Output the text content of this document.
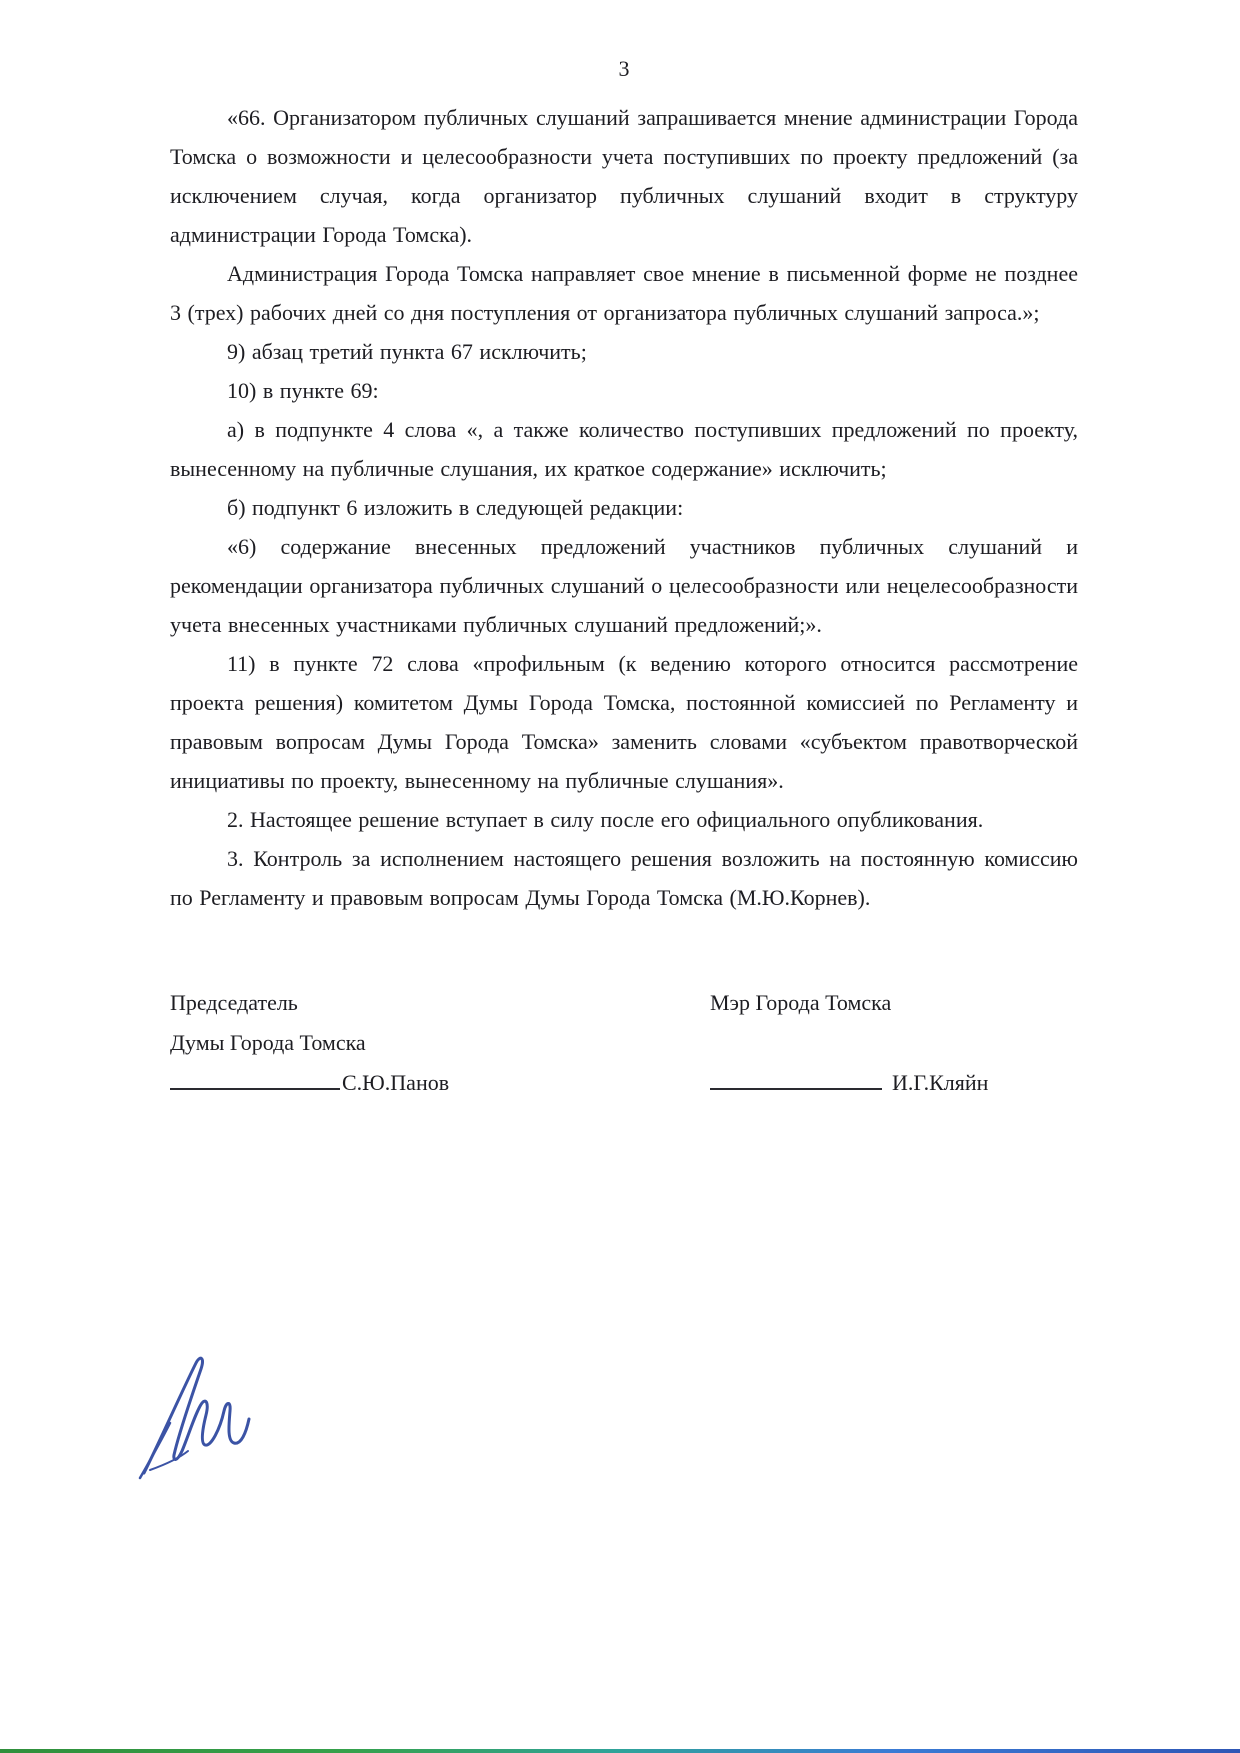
3

«66. Организатором публичных слушаний запрашивается мнение администрации Города Томска о возможности и целесообразности учета поступивших по проекту предложений (за исключением случая, когда организатор публичных слушаний входит в структуру администрации Города Томска).

Администрация Города Томска направляет свое мнение в письменной форме не позднее 3 (трех) рабочих дней со дня поступления от организатора публичных слушаний запроса.»;

9) абзац третий пункта 67 исключить;

10) в пункте 69:

а) в подпункте 4 слова «, а также количество поступивших предложений по проекту, вынесенному на публичные слушания, их краткое содержание» исключить;

б) подпункт 6 изложить в следующей редакции:

«6) содержание внесенных предложений участников публичных слушаний и рекомендации организатора публичных слушаний о целесообразности или нецелесообразности учета внесенных участниками публичных слушаний предложений;».

11) в пункте 72 слова «профильным (к ведению которого относится рассмотрение проекта решения) комитетом Думы Города Томска, постоянной комиссией по Регламенту и правовым вопросам Думы Города Томска» заменить словами «субъектом правотворческой инициативы по проекту, вынесенному на публичные слушания».

2. Настоящее решение вступает в силу после его официального опубликования.

3. Контроль за исполнением настоящего решения возложить на постоянную комиссию по Регламенту и правовым вопросам Думы Города Томска (М.Ю.Корнев).

Председатель
Думы Города Томска
С.Ю.Панов
Мэр Города Томска
И.Г.Кляйн
